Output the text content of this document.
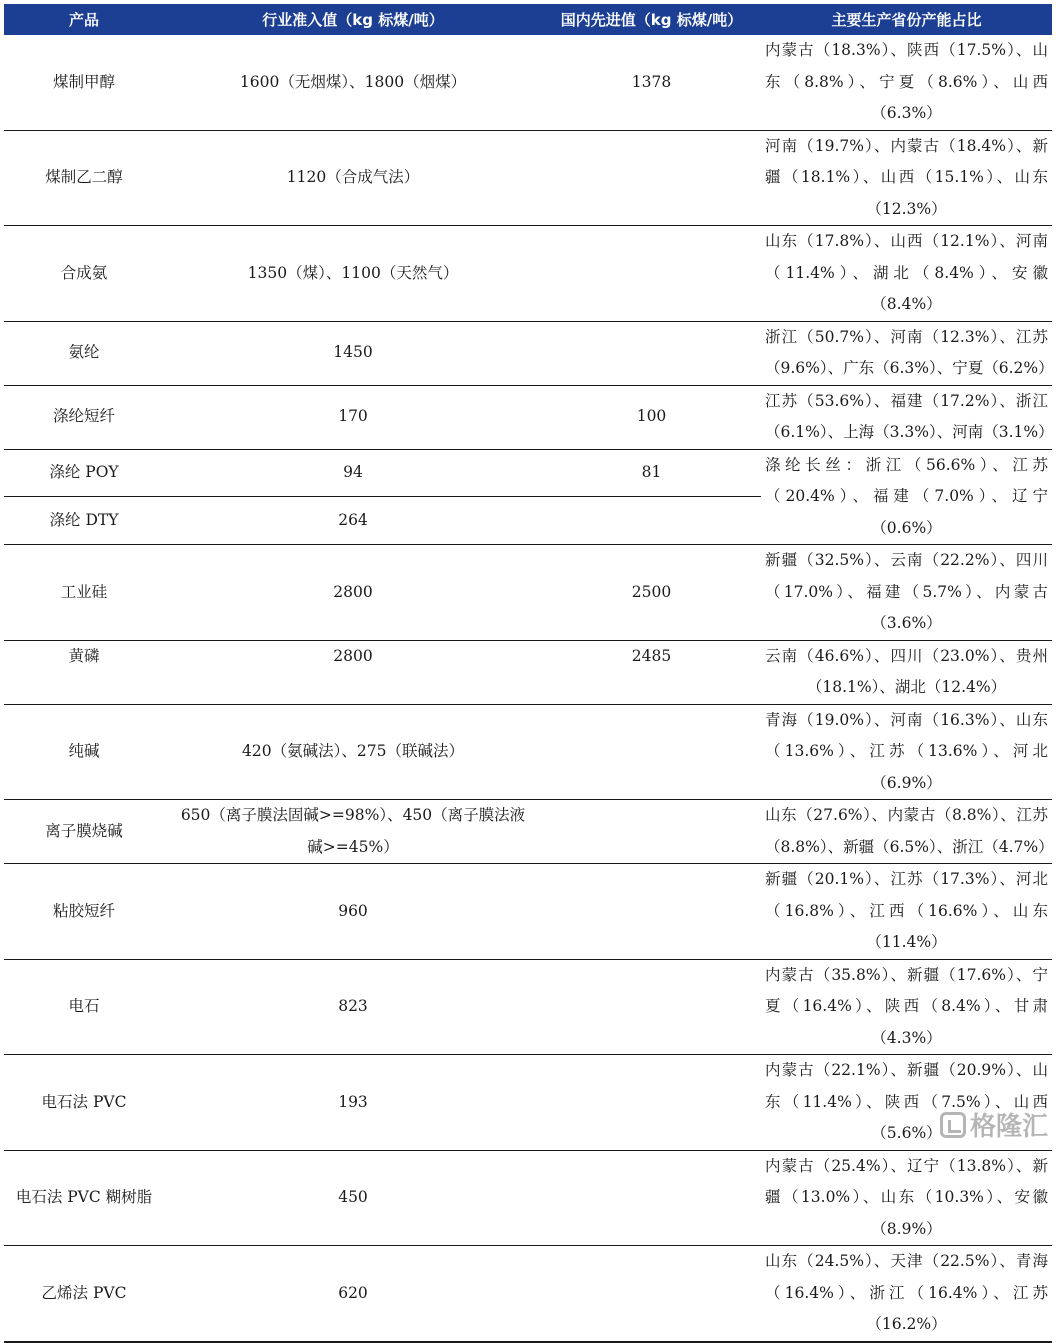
产品	行业准入值（kg 标煤/吨）	国内先进值（kg 标煤/吨）	主要生产省份产能占比
煤制甲醇	1600（无烟煤）、1800（烟煤）	1378	内蒙古（18.3%）、陕西（17.5%）、山东（8.8%）、宁夏（8.6%）、山西（6.3%）
煤制乙二醇	1120（合成气法）		河南（19.7%）、内蒙古（18.4%）、新疆（18.1%）、山西（15.1%）、山东（12.3%）
合成氨	1350（煤）、1100（天然气）		山东（17.8%）、山西（12.1%）、河南（11.4%）、湖北（8.4%）、安徽（8.4%）
氨纶	1450		浙江（50.7%）、河南（12.3%）、江苏（9.6%）、广东（6.3%）、宁夏（6.2%）
涤纶短纤	170	100	江苏（53.6%）、福建（17.2%）、浙江（6.1%）、上海（3.3%）、河南（3.1%）
涤纶 POY	94	81	涤纶长丝：浙江（56.6%）、江苏（20.4%）、福建（7.0%）、辽宁（0.6%）
涤纶 DTY	264		
工业硅	2800	2500	新疆（32.5%）、云南（22.2%）、四川（17.0%）、福建（5.7%）、内蒙古（3.6%）
黄磷	2800	2485	云南（46.6%）、四川（23.0%）、贵州（18.1%）、湖北（12.4%）
纯碱	420（氨碱法）、275（联碱法）		青海（19.0%）、河南（16.3%）、山东（13.6%）、江苏（13.6%）、河北（6.9%）
离子膜烧碱	650（离子膜法固碱>=98%）、450（离子膜法液碱>=45%）		山东（27.6%）、内蒙古（8.8%）、江苏（8.8%）、新疆（6.5%）、浙江（4.7%）
粘胶短纤	960		新疆（20.1%）、江苏（17.3%）、河北（16.8%）、江西（16.6%）、山东（11.4%）
电石	823		内蒙古（35.8%）、新疆（17.6%）、宁夏（16.4%）、陕西（8.4%）、甘肃（4.3%）
电石法 PVC	193		内蒙古（22.1%）、新疆（20.9%）、山东（11.4%）、陕西（7.5%）、山西（5.6%）
电石法 PVC 糊树脂	450		内蒙古（25.4%）、辽宁（13.8%）、新疆（13.0%）、山东（10.3%）、安徽（8.9%）
乙烯法 PVC	620		山东（24.5%）、天津（22.5%）、青海（16.4%）、浙江（16.4%）、江苏（16.2%）
格隆汇
